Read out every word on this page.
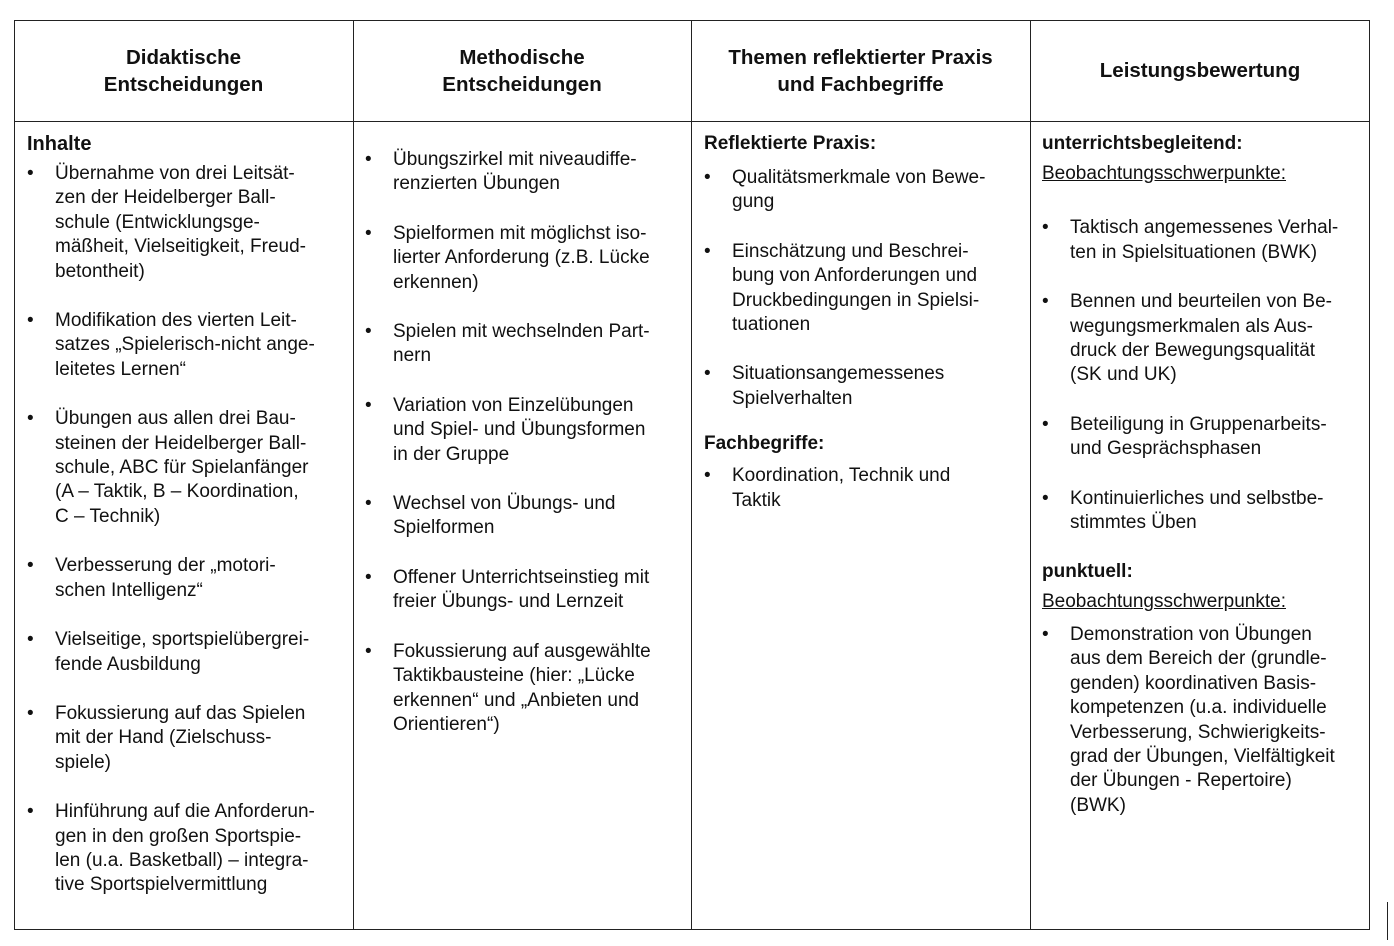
Didaktische
Entscheidungen
Methodische
Entscheidungen
Themen reflektierter Praxis
und Fachbegriffe
Leistungsbewertung
Inhalte
• Übernahme von drei Leitsät-
zen der Heidelberger Ball-
schule (Entwicklungsge-
mäßheit, Vielseitigkeit, Freud-
betontheit)
• Modifikation des vierten Leit-
satzes „Spielerisch-nicht ange-
leitetes Lernen“
• Übungen aus allen drei Bau-
steinen der Heidelberger Ball-
schule, ABC für Spielanfänger
(A – Taktik, B – Koordination,
C – Technik)
• Verbesserung der „motori-
schen Intelligenz“
• Vielseitige, sportspielübergrei-
fende Ausbildung
• Fokussierung auf das Spielen
mit der Hand (Zielschuss-
spiele)
• Hinführung auf die Anforderun-
gen in den großen Sportspie-
len (u.a. Basketball) – integra-
tive Sportspielvermittlung
• Übungszirkel mit niveaudiffe-
renzierten Übungen
• Spielformen mit möglichst iso-
lierter Anforderung (z.B. Lücke
erkennen)
• Spielen mit wechselnden Part-
nern
• Variation von Einzelübungen
und Spiel- und Übungsformen
in der Gruppe
• Wechsel von Übungs- und
Spielformen
• Offener Unterrichtseinstieg mit
freier Übungs- und Lernzeit
• Fokussierung auf ausgewählte
Taktikbausteine (hier: „Lücke
erkennen“ und „Anbieten und
Orientieren“)
Reflektierte Praxis:
• Qualitätsmerkmale von Bewe-
gung
• Einschätzung und Beschrei-
bung von Anforderungen und
Druckbedingungen in Spielsi-
tuationen
• Situationsangemessenes
Spielverhalten
Fachbegriffe:
• Koordination, Technik und
Taktik
unterrichtsbegleitend:
Beobachtungsschwerpunkte:
• Taktisch angemessenes Verhal-
ten in Spielsituationen (BWK)
• Bennen und beurteilen von Be-
wegungsmerkmalen als Aus-
druck der Bewegungsqualität
(SK und UK)
• Beteiligung in Gruppenarbeits-
und Gesprächsphasen
• Kontinuierliches und selbstbe-
stimmtes Üben
punktuell:
Beobachtungsschwerpunkte:
• Demonstration von Übungen
aus dem Bereich der (grundle-
genden) koordinativen Basis-
kompetenzen (u.a. individuelle
Verbesserung, Schwierigkeits-
grad der Übungen, Vielfältigkeit
der Übungen - Repertoire)
(BWK)
